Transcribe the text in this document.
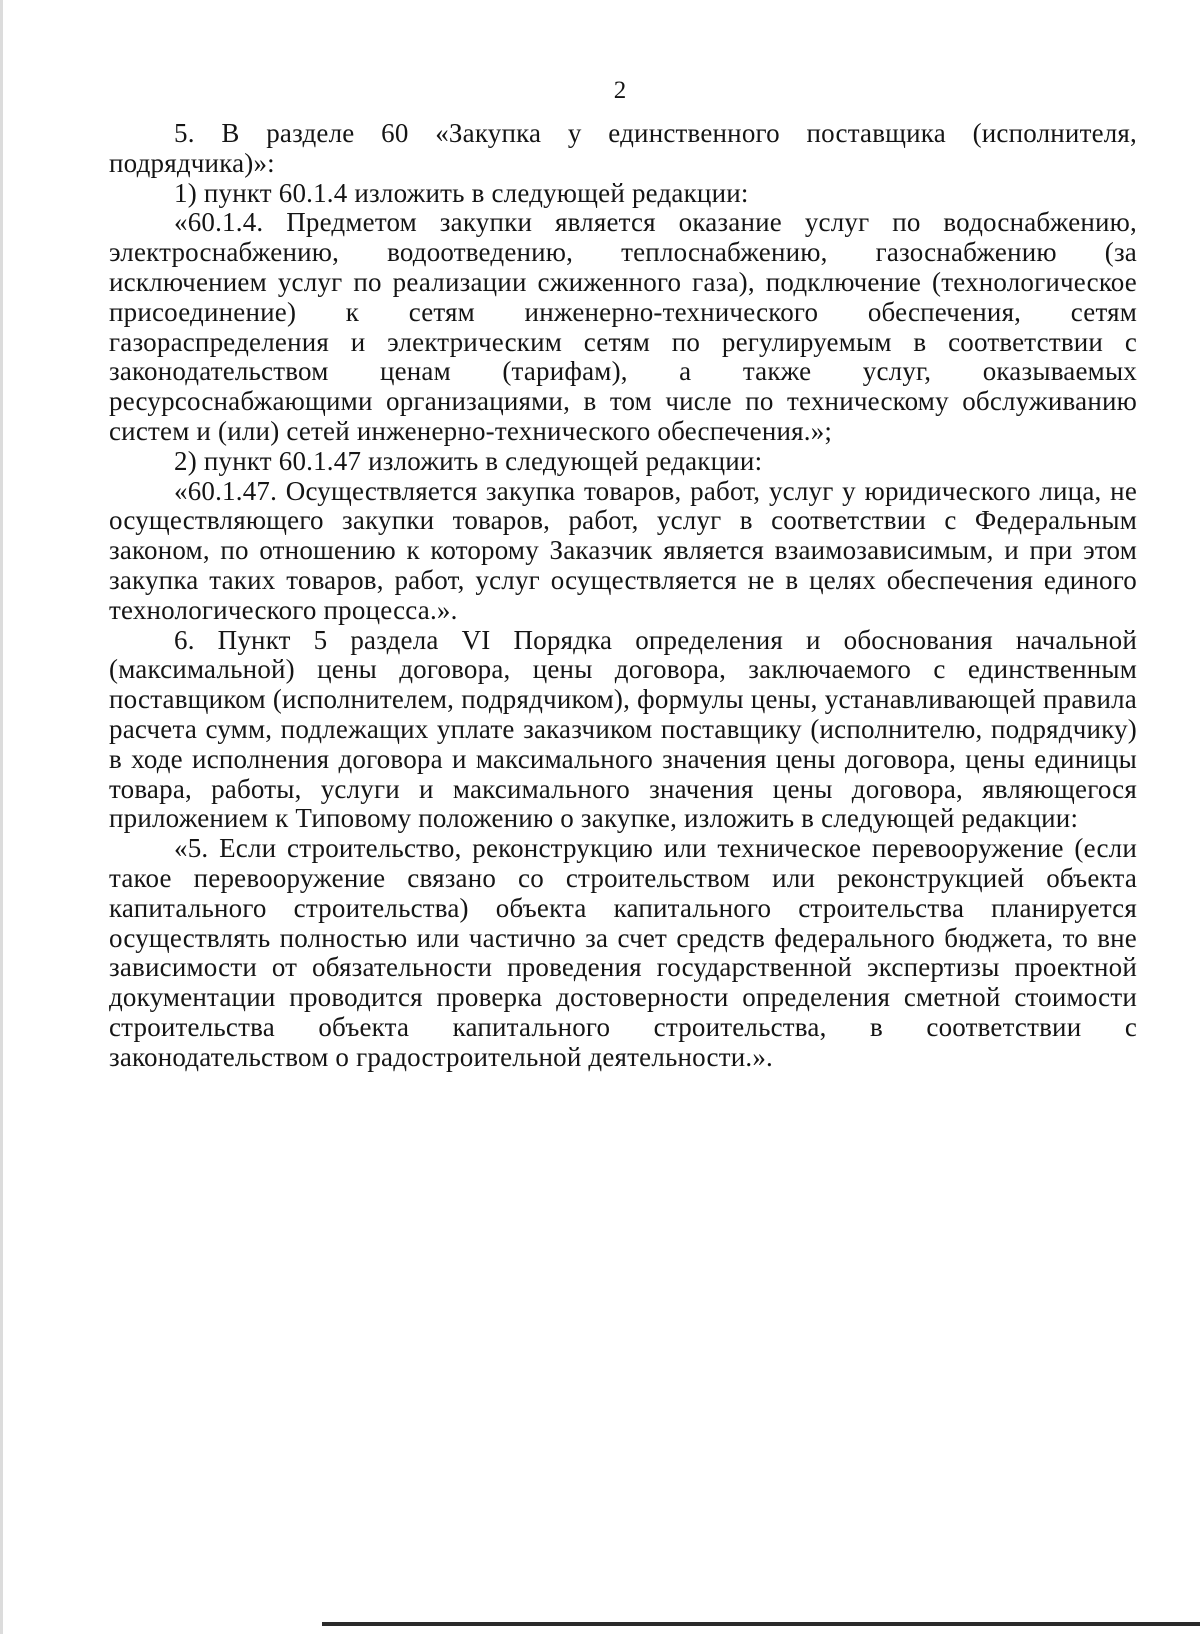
2

5. В разделе 60 «Закупка у единственного поставщика (исполнителя, подрядчика)»:

1) пункт 60.1.4 изложить в следующей редакции:

«60.1.4. Предметом закупки является оказание услуг по водоснабжению, электроснабжению, водоотведению, теплоснабжению, газоснабжению (за исключением услуг по реализации сжиженного газа), подключение (технологическое присоединение) к сетям инженерно-технического обеспечения, сетям газораспределения и электрическим сетям по регулируемым в соответствии с законодательством ценам (тарифам), а также услуг, оказываемых ресурсоснабжающими организациями, в том числе по техническому обслуживанию систем и (или) сетей инженерно-технического обеспечения.»;

2) пункт 60.1.47 изложить в следующей редакции:

«60.1.47. Осуществляется закупка товаров, работ, услуг у юридического лица, не осуществляющего закупки товаров, работ, услуг в соответствии с Федеральным законом, по отношению к которому Заказчик является взаимозависимым, и при этом закупка таких товаров, работ, услуг осуществляется не в целях обеспечения единого технологического процесса.».

6. Пункт 5 раздела VI Порядка определения и обоснования начальной (максимальной) цены договора, цены договора, заключаемого с единственным поставщиком (исполнителем, подрядчиком), формулы цены, устанавливающей правила расчета сумм, подлежащих уплате заказчиком поставщику (исполнителю, подрядчику) в ходе исполнения договора и максимального значения цены договора, цены единицы товара, работы, услуги и максимального значения цены договора, являющегося приложением к Типовому положению о закупке, изложить в следующей редакции:

«5. Если строительство, реконструкцию или техническое перевооружение (если такое перевооружение связано со строительством или реконструкцией объекта капитального строительства) объекта капитального строительства планируется осуществлять полностью или частично за счет средств федерального бюджета, то вне зависимости от обязательности проведения государственной экспертизы проектной документации проводится проверка достоверности определения сметной стоимости строительства объекта капитального строительства, в соответствии с законодательством о градостроительной деятельности.».
